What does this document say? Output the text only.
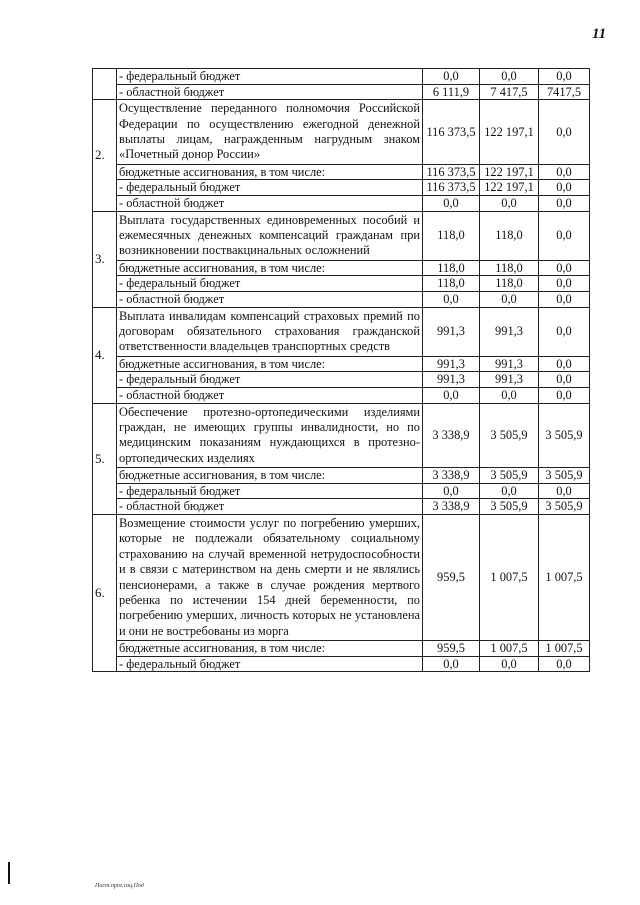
11
	- федеральный бюджет	0,0	0,0	0,0
	- областной бюджет	6 111,9	7 417,5	7417,5
2.	Осуществление переданного полномочия Российской Федерации по осуществлению ежегодной денежной выплаты лицам, награжденным нагрудным знаком «Почетный донор России»	116 373,5	122 197,1	0,0
	бюджетные ассигнования, в том числе:	116 373,5	122 197,1	0,0
	- федеральный бюджет	116 373,5	122 197,1	0,0
	- областной бюджет	0,0	0,0	0,0
3.	Выплата государственных единовременных пособий и ежемесячных денежных компенсаций гражданам при возникновении поствакцинальных осложнений	118,0	118,0	0,0
	бюджетные ассигнования, в том числе:	118,0	118,0	0,0
	- федеральный бюджет	118,0	118,0	0,0
	- областной бюджет	0,0	0,0	0,0
4.	Выплата инвалидам компенсаций страховых премий по договорам обязательного страхования гражданской ответственности владельцев транспортных средств	991,3	991,3	0,0
	бюджетные ассигнования, в том числе:	991,3	991,3	0,0
	- федеральный бюджет	991,3	991,3	0,0
	- областной бюджет	0,0	0,0	0,0
5.	Обеспечение протезно-ортопедическими изделиями граждан, не имеющих группы инвалидности, но по медицинским показаниям нуждающихся в протезно-ортопедических изделиях	3 338,9	3 505,9	3 505,9
	бюджетные ассигнования, в том числе:	3 338,9	3 505,9	3 505,9
	- федеральный бюджет	0,0	0,0	0,0
	- областной бюджет	3 338,9	3 505,9	3 505,9
6.	Возмещение стоимости услуг по погребению умерших, которые не подлежали обязательному социальному страхованию на случай временной нетрудоспособности и в связи с материнством на день смерти и не являлись пенсионерами, а также в случае рождения мертвого ребенка по истечении 154 дней беременности, по погребению умерших, личность которых не установлена и они не востребованы из морга	959,5	1 007,5	1 007,5
	бюджетные ассигнования, в том числе:	959,5	1 007,5	1 007,5
	- федеральный бюджет	0,0	0,0	0,0
Пост.прог.соц.Под
